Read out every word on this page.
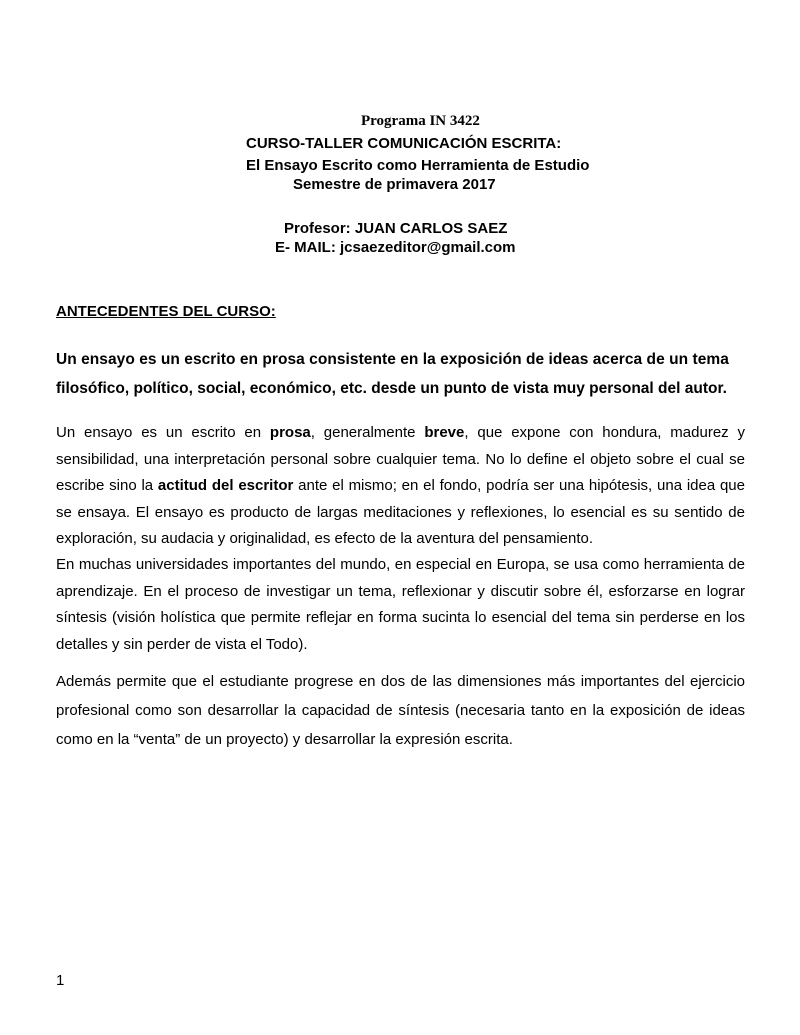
Programa IN 3422
CURSO-TALLER COMUNICACIÓN ESCRITA:
El Ensayo Escrito como Herramienta de Estudio
Semestre de primavera 2017
Profesor: JUAN CARLOS SAEZ
E- MAIL: jcsaezeditor@gmail.com
ANTECEDENTES DEL CURSO:
Un ensayo es un escrito en prosa consistente en la exposición de ideas acerca de un tema
filosófico, político, social, económico, etc. desde un punto de vista muy personal del autor.

Un ensayo es un escrito en prosa, generalmente breve, que expone con hondura, madurez y sensibilidad, una interpretación personal sobre cualquier tema. No lo define el objeto sobre el cual se escribe sino la actitud del escritor ante el mismo; en el fondo, podría ser una hipótesis, una idea que se ensaya. El ensayo es producto de largas meditaciones y reflexiones, lo esencial es su sentido de exploración, su audacia y originalidad, es efecto de la aventura del pensamiento.

En muchas universidades importantes del mundo, en especial en Europa, se usa como herramienta de aprendizaje. En el proceso de investigar un tema, reflexionar y discutir sobre él, esforzarse en lograr síntesis (visión holística que permite reflejar en forma sucinta lo esencial del tema sin perderse en los detalles y sin perder de vista el Todo).

Además permite que el estudiante progrese en dos de las dimensiones más importantes del ejercicio profesional como son desarrollar la capacidad de síntesis (necesaria tanto en la exposición de ideas como en la “venta” de un proyecto) y desarrollar la expresión escrita.

1
